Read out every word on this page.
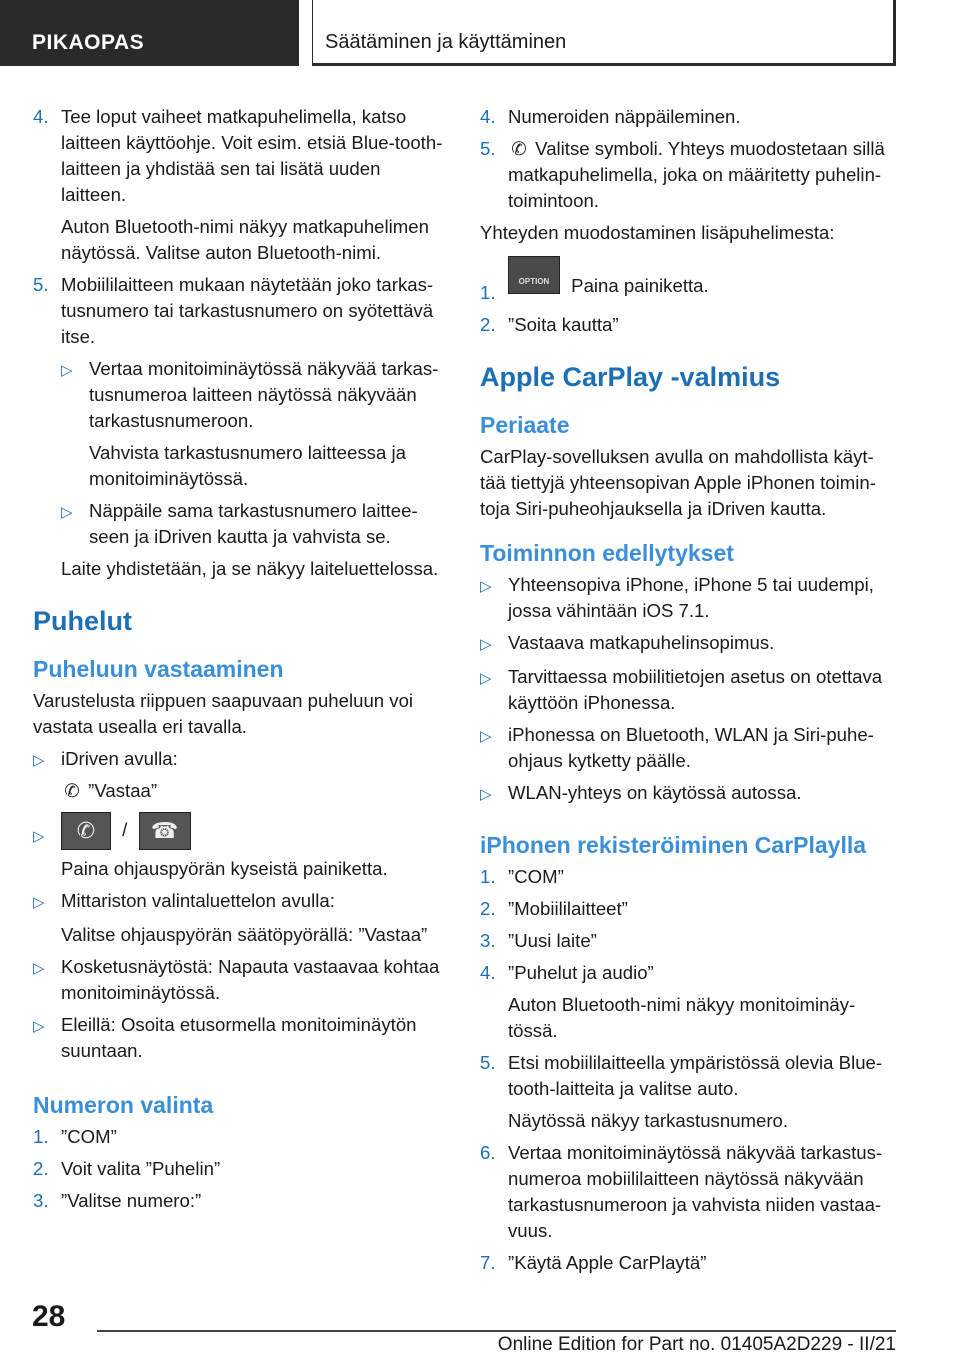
PIKAOPAS	Säätäminen ja käyttäminen
4. Tee loput vaiheet matkapuhelimella, katso laitteen käyttöohje. Voit esim. etsiä Blue-tooth-laitteen ja yhdistää sen tai lisätä uuden laitteen.
Auton Bluetooth-nimi näkyy matkapuhelimen näytössä. Valitse auton Bluetooth-nimi.
5. Mobiililaitteen mukaan näytetään joko tarkas-tusnumero tai tarkastusnumero on syötettävä itse.
▷ Vertaa monitoiminäytössä näkyvää tarkas-tusnumeroa laitteen näytössä näkyvään tarkastusnumeroon.
Vahvista tarkastusnumero laitteessa ja monitoiminäytössä.
▷ Näppäile sama tarkastusnumero laittee-seen ja iDriven kautta ja vahvista se.
Laite yhdistetään, ja se näkyy laiteluettelossa.
Puhelut
Puheluun vastaaminen
Varustelusta riippuen saapuvaan puheluun voi vastata usealla eri tavalla.
▷ iDriven avulla:
✆ ”Vastaa”
▷	✆ / ☎
Paina ohjauspyörän kyseistä painiketta.
▷ Mittariston valintaluettelon avulla:
Valitse ohjauspyörän säätöpyörällä: ”Vastaa”
▷ Kosketusnäytöstä: Napauta vastaavaa kohtaa monitoiminäytössä.
▷ Eleillä: Osoita etusormella monitoiminäytön suuntaan.
Numeron valinta
1. ”COM”
2. Voit valita ”Puhelin”
3. ”Valitse numero:”
4. Numeroiden näppäileminen.
5. ✆ Valitse symboli. Yhteys muodostetaan sillä matkapuhelimella, joka on määritetty puhelin-toimintoon.
Yhteyden muodostaminen lisäpuhelimesta:
1.
OPTION	Paina painiketta.
2. ”Soita kautta”
Apple CarPlay -valmius
Periaate
CarPlay-sovelluksen avulla on mahdollista käyt-tää tiettyjä yhteensopivan Apple iPhonen toimin-toja Siri-puheohjauksella ja iDriven kautta.
Toiminnon edellytykset
▷ Yhteensopiva iPhone, iPhone 5 tai uudempi, jossa vähintään iOS 7.1.
▷ Vastaava matkapuhelinsopimus.
▷ Tarvittaessa mobiilitietojen asetus on otettava käyttöön iPhonessa.
▷ iPhonessa on Bluetooth, WLAN ja Siri-puhe-ohjaus kytketty päälle.
▷ WLAN-yhteys on käytössä autossa.
iPhonen rekisteröiminen CarPlaylla
1. ”COM”
2. ”Mobiililaitteet”
3. ”Uusi laite”
4. ”Puhelut ja audio”
Auton Bluetooth-nimi näkyy monitoiminäy-tössä.
5. Etsi mobiililaitteella ympäristössä olevia Blue-tooth-laitteita ja valitse auto.
Näytössä näkyy tarkastusnumero.
6. Vertaa monitoiminäytössä näkyvää tarkastus-numeroa mobiililaitteen näytössä näkyvään tarkastusnumeroon ja vahvista niiden vastaa-vuus.
7. ”Käytä Apple CarPlaytä”
28
Online Edition for Part no. 01405A2D229 - II/21
